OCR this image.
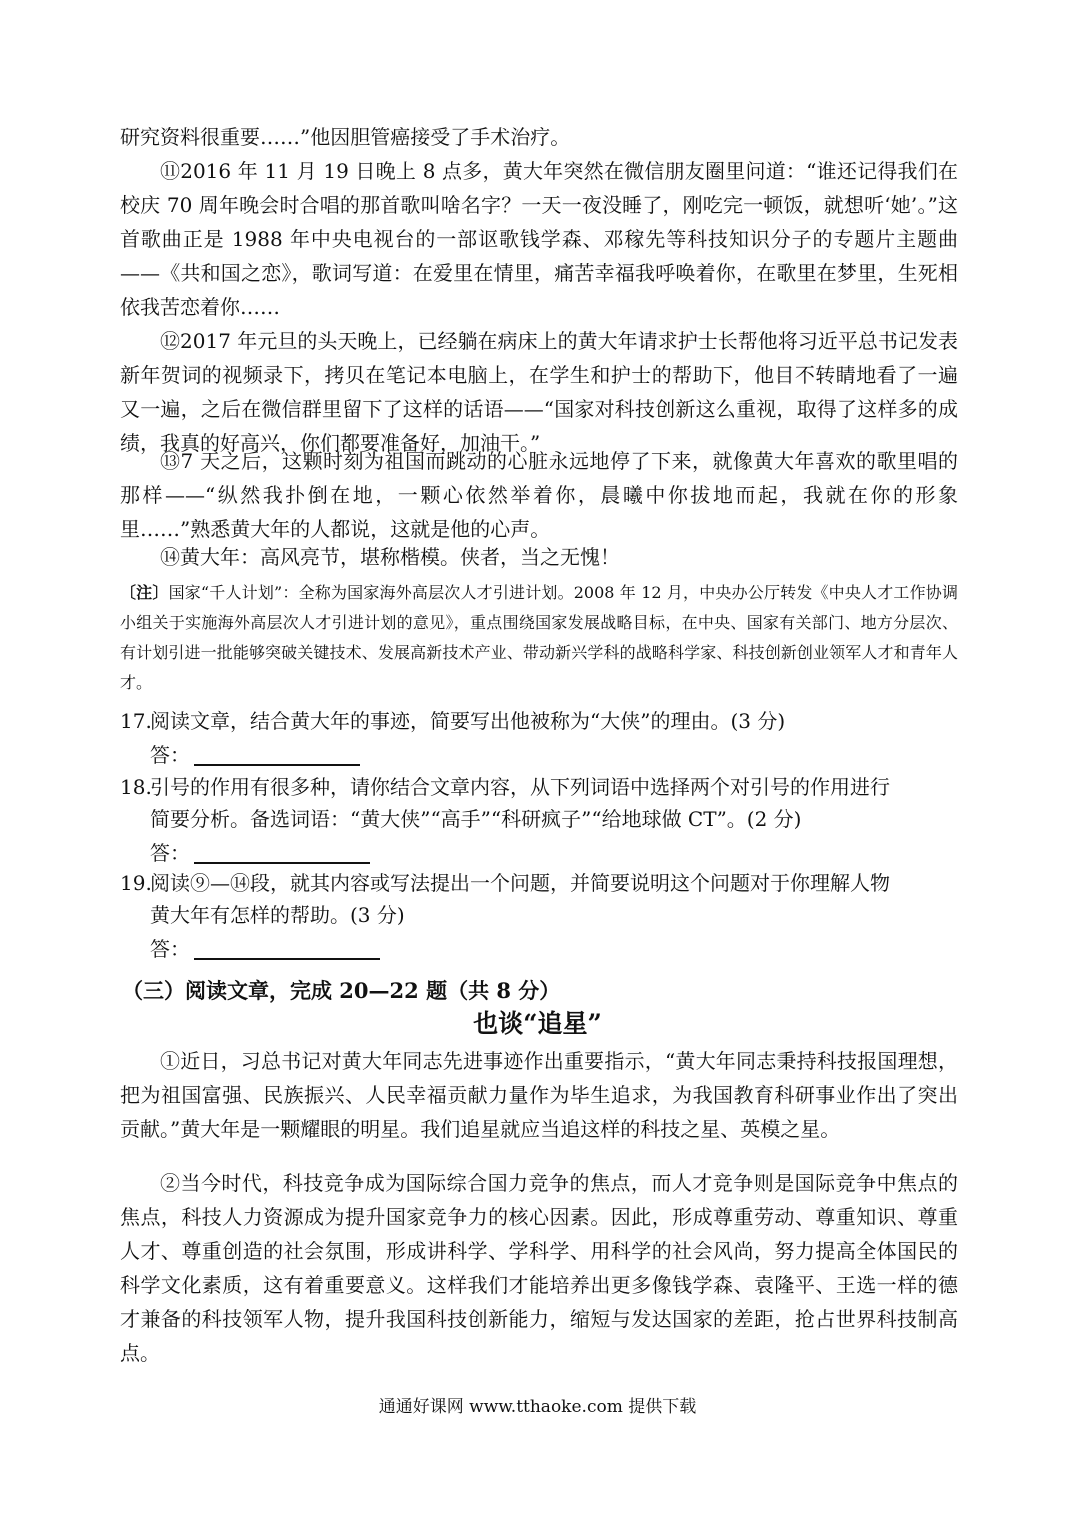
研究资料很重要……”他因胆管癌接受了手术治疗。

⑪2016 年 11 月 19 日晚上 8 点多，黄大年突然在微信朋友圈里问道：“谁还记得我们在校庆 70 周年晚会时合唱的那首歌叫啥名字？一天一夜没睡了，刚吃完一顿饭，就想听‘她’。”这首歌曲正是 1988 年中央电视台的一部讴歌钱学森、邓稼先等科技知识分子的专题片主题曲——《共和国之恋》，歌词写道：在爱里在情里，痛苦幸福我呼唤着你，在歌里在梦里，生死相依我苦恋着你……

⑫2017 年元旦的头天晚上，已经躺在病床上的黄大年请求护士长帮他将习近平总书记发表新年贺词的视频录下，拷贝在笔记本电脑上，在学生和护士的帮助下，他目不转睛地看了一遍又一遍，之后在微信群里留下了这样的话语——“国家对科技创新这么重视，取得了这样多的成绩，我真的好高兴，你们都要准备好，加油干。”

⑬7 天之后，这颗时刻为祖国而跳动的心脏永远地停了下来，就像黄大年喜欢的歌里唱的那样——“纵然我扑倒在地，一颗心依然举着你，晨曦中你拔地而起，我就在你的形象里……”熟悉黄大年的人都说，这就是他的心声。

⑭黄大年：高风亮节，堪称楷模。侠者，当之无愧！

〔注〕国家“千人计划”：全称为国家海外高层次人才引进计划。2008 年 12 月，中央办公厅转发《中央人才工作协调小组关于实施海外高层次人才引进计划的意见》，重点围绕国家发展战略目标，在中央、国家有关部门、地方分层次、有计划引进一批能够突破关键技术、发展高新技术产业、带动新兴学科的战略科学家、科技创新创业领军人才和青年人才。

17.阅读文章，结合黄大年的事迹，简要写出他被称为“大侠”的理由。(3 分)

答：

18.引号的作用有很多种，请你结合文章内容，从下列词语中选择两个对引号的作用进行

简要分析。备选词语：“黄大侠”“高手”“科研疯子”“给地球做 CT”。(2 分)

答：

19.阅读⑨—⑭段，就其内容或写法提出一个问题，并简要说明这个问题对于你理解人物

黄大年有怎样的帮助。(3 分)

答：
（三）阅读文章，完成 20—22 题（共 8 分）
也谈“追星”

①近日，习总书记对黄大年同志先进事迹作出重要指示，“黄大年同志秉持科技报国理想，把为祖国富强、民族振兴、人民幸福贡献力量作为毕生追求，为我国教育科研事业作出了突出贡献。”黄大年是一颗耀眼的明星。我们追星就应当追这样的科技之星、英模之星。

②当今时代，科技竞争成为国际综合国力竞争的焦点，而人才竞争则是国际竞争中焦点的焦点，科技人力资源成为提升国家竞争力的核心因素。因此，形成尊重劳动、尊重知识、尊重人才、尊重创造的社会氛围，形成讲科学、学科学、用科学的社会风尚，努力提高全体国民的科学文化素质，这有着重要意义。这样我们才能培养出更多像钱学森、袁隆平、王选一样的德才兼备的科技领军人物，提升我国科技创新能力，缩短与发达国家的差距，抢占世界科技制高点。

通通好课网 www.tthaoke.com 提供下载
